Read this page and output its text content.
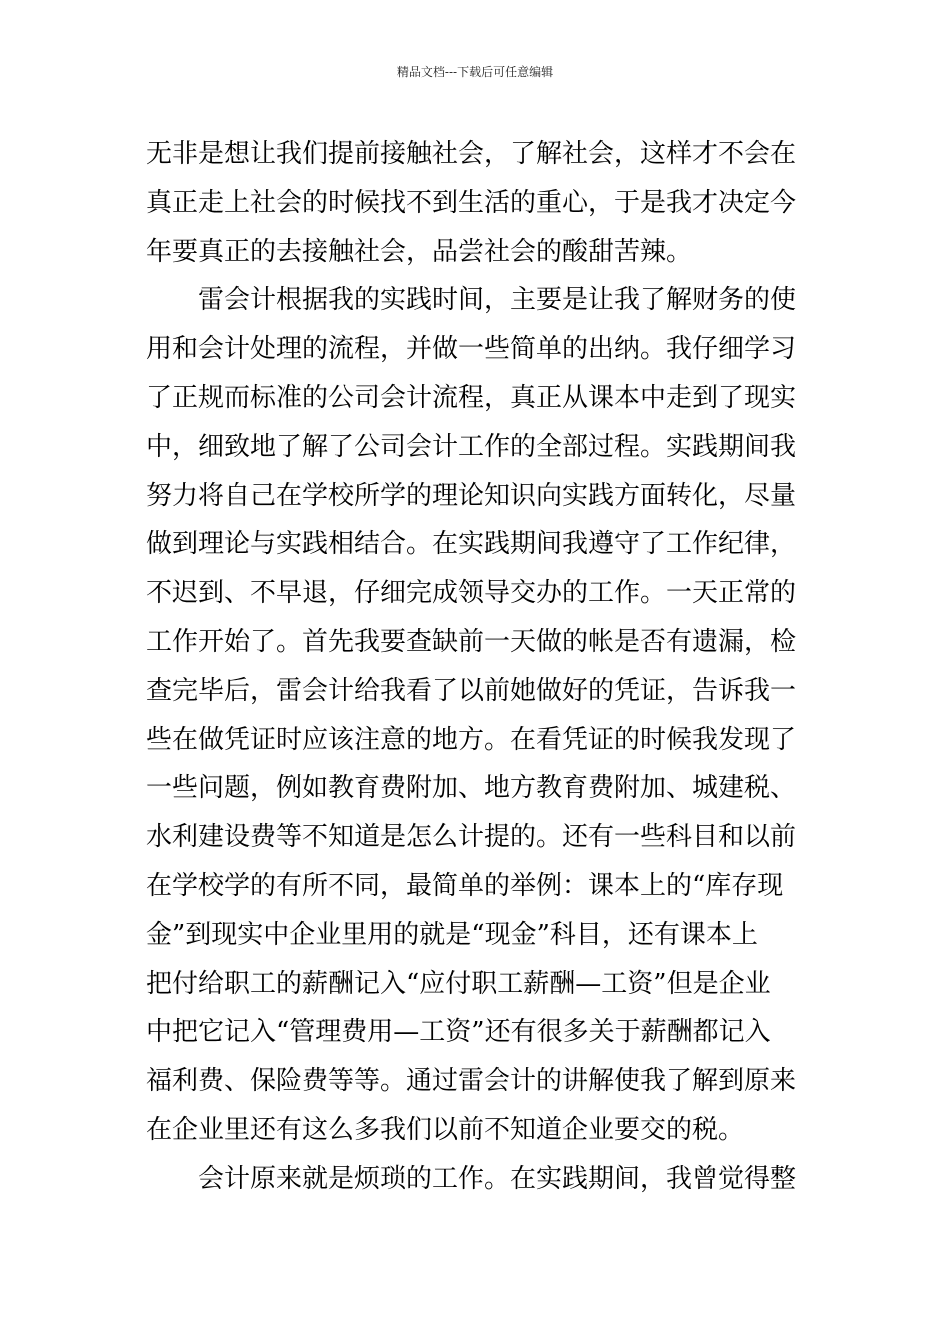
精品文档---下载后可任意编辑
无非是想让我们提前接触社会，了解社会，这样才不会在
真正走上社会的时候找不到生活的重心，于是我才决定今
年要真正的去接触社会，品尝社会的酸甜苦辣。
　　雷会计根据我的实践时间，主要是让我了解财务的使
用和会计处理的流程，并做一些简单的出纳。我仔细学习
了正规而标准的公司会计流程，真正从课本中走到了现实
中，细致地了解了公司会计工作的全部过程。实践期间我
努力将自己在学校所学的理论知识向实践方面转化，尽量
做到理论与实践相结合。在实践期间我遵守了工作纪律，
不迟到、不早退，仔细完成领导交办的工作。一天正常的
工作开始了。首先我要查缺前一天做的帐是否有遗漏，检
查完毕后，雷会计给我看了以前她做好的凭证，告诉我一
些在做凭证时应该注意的地方。在看凭证的时候我发现了
一些问题，例如教育费附加、地方教育费附加、城建税、
水利建设费等不知道是怎么计提的。还有一些科目和以前
在学校学的有所不同，最简单的举例：课本上的“库存现
金”到现实中企业里用的就是“现金”科目，还有课本上
把付给职工的薪酬记入“应付职工薪酬—工资”但是企业
中把它记入“管理费用—工资”还有很多关于薪酬都记入
福利费、保险费等等。通过雷会计的讲解使我了解到原来
在企业里还有这么多我们以前不知道企业要交的税。
　　会计原来就是烦琐的工作。在实践期间，我曾觉得整
